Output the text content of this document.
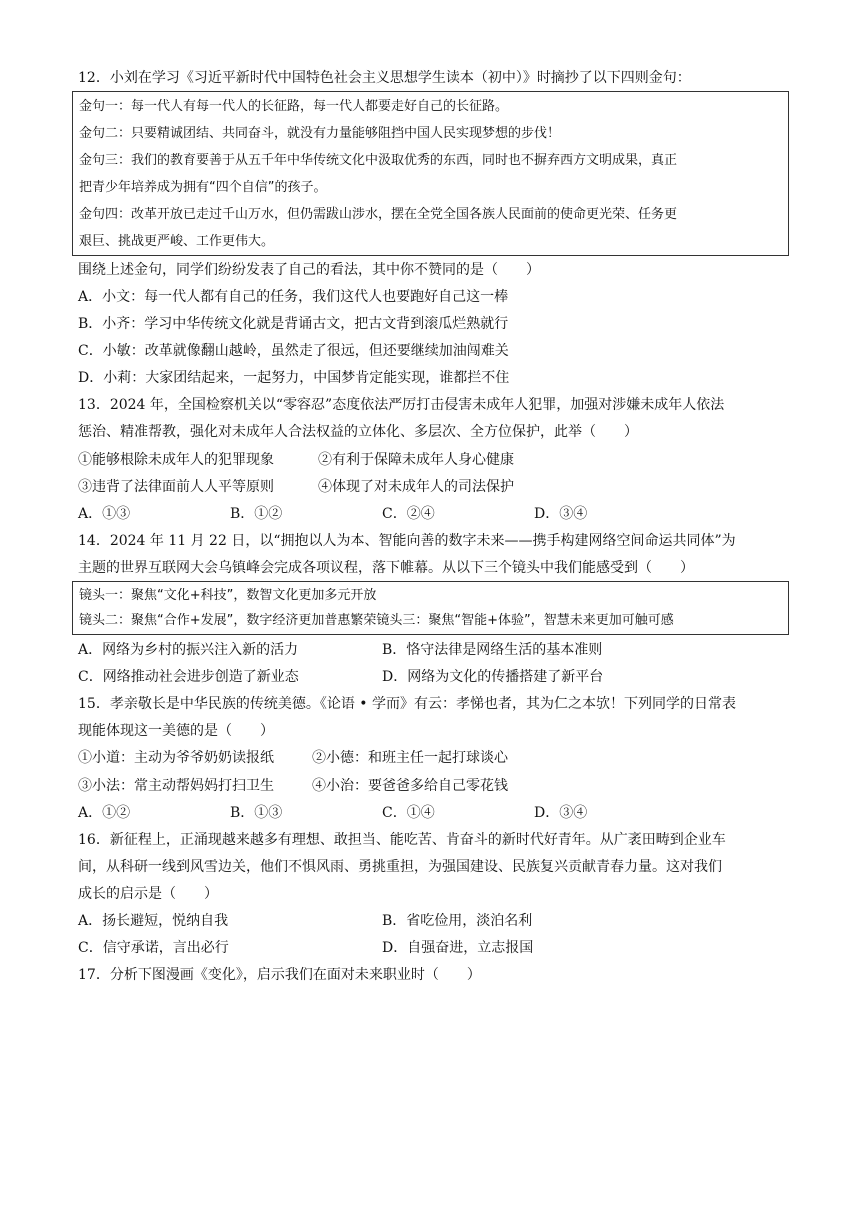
12．小刘在学习《习近平新时代中国特色社会主义思想学生读本（初中）》时摘抄了以下四则金句：
金句一：每一代人有每一代人的长征路，每一代人都要走好自己的长征路。
金句二：只要精诚团结、共同奋斗，就没有力量能够阻挡中国人民实现梦想的步伐！
金句三：我们的教育要善于从五千年中华传统文化中汲取优秀的东西，同时也不摒弃西方文明成果，真正
把青少年培养成为拥有“四个自信”的孩子。
金句四：改革开放已走过千山万水，但仍需跋山涉水，摆在全党全国各族人民面前的使命更光荣、任务更
艰巨、挑战更严峻、工作更伟大。
围绕上述金句，同学们纷纷发表了自己的看法，其中你不赞同的是（　　）
A．小文：每一代人都有自己的任务，我们这代人也要跑好自己这一棒
B．小齐：学习中华传统文化就是背诵古文，把古文背到滚瓜烂熟就行
C．小敏：改革就像翻山越岭，虽然走了很远，但还要继续加油闯难关
D．小莉：大家团结起来，一起努力，中国梦肯定能实现，谁都拦不住
13．2024 年，全国检察机关以“零容忍”态度依法严厉打击侵害未成年人犯罪，加强对涉嫌未成年人依法
惩治、精准帮教，强化对未成年人合法权益的立体化、多层次、全方位保护，此举（　　）
①能够根除未成年人的犯罪现象	②有利于保障未成年人身心健康
③违背了法律面前人人平等原则	④体现了对未成年人的司法保护
A．①③	B．①②	C．②④	D．③④
14．2024 年 11 月 22 日，以“拥抱以人为本、智能向善的数字未来——携手构建网络空间命运共同体”为
主题的世界互联网大会乌镇峰会完成各项议程，落下帷幕。从以下三个镜头中我们能感受到（　　）
镜头一：聚焦“文化+科技”，数智文化更加多元开放
镜头二：聚焦“合作+发展”，数字经济更加普惠繁荣镜头三：聚焦“智能+体验”，智慧未来更加可触可感
A．网络为乡村的振兴注入新的活力	B．恪守法律是网络生活的基本准则
C．网络推动社会进步创造了新业态	D．网络为文化的传播搭建了新平台
15．孝亲敬长是中华民族的传统美德。《论语 • 学而》有云：孝悌也者，其为仁之本欤！下列同学的日常表
现能体现这一美德的是（　　）
①小道：主动为爷爷奶奶读报纸	②小德：和班主任一起打球谈心
③小法：常主动帮妈妈打扫卫生	④小治：要爸爸多给自己零花钱
A．①②	B．①③	C．①④	D．③④
16．新征程上，正涌现越来越多有理想、敢担当、能吃苦、肯奋斗的新时代好青年。从广袤田畴到企业车
间，从科研一线到风雪边关，他们不惧风雨、勇挑重担，为强国建设、民族复兴贡献青春力量。这对我们
成长的启示是（　　）
A．扬长避短，悦纳自我	B．省吃俭用，淡泊名利
C．信守承诺，言出必行	D．自强奋进，立志报国
17．分析下图漫画《变化》，启示我们在面对未来职业时（　　）
